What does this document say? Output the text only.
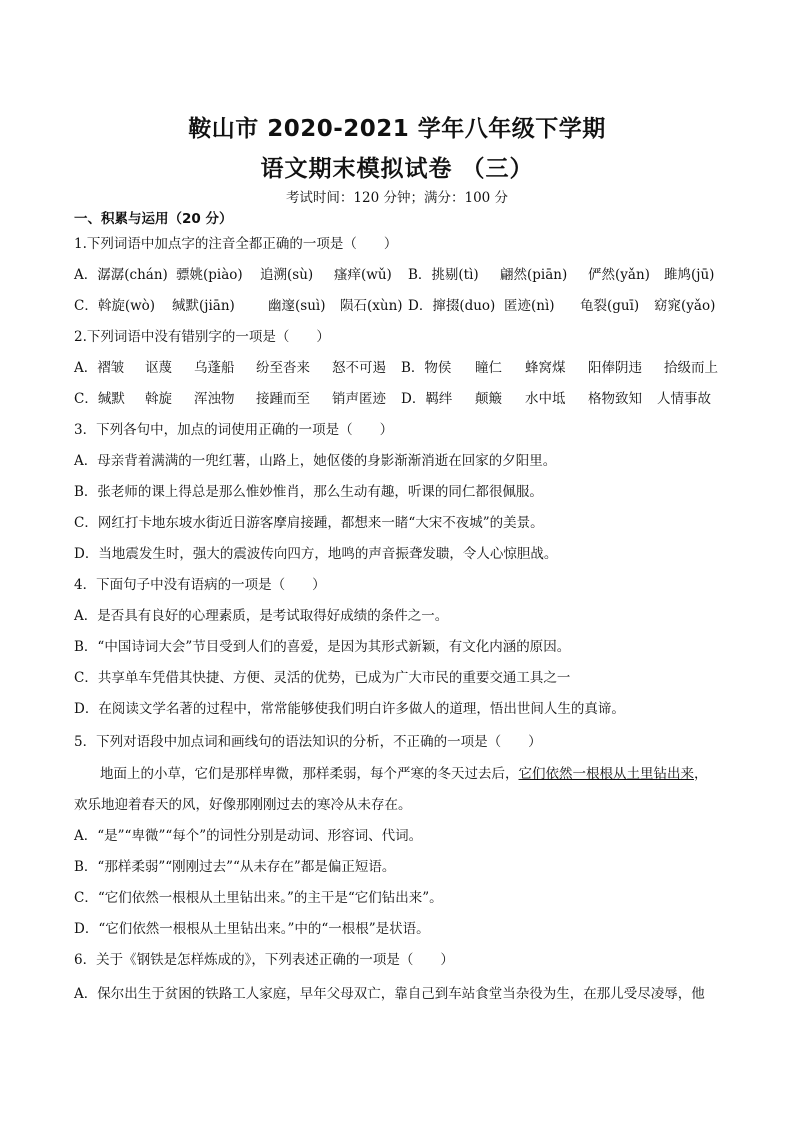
鞍山市 2020-2021 学年八年级下学期
语文期末模拟试卷 （三）
考试时间：120 分钟；满分：100 分
一、积累与运用（20 分）
1.下列词语中加点字的注音全都正确的一项是（　　）
A．潺潺(chán) 骠姚(piào) 追溯(sù) 瘙痒(wǔ) B．挑剔(tì) 翩然(piān) 俨然(yǎn) 雎鸠(jū)
C．斡旋(wò) 缄默(jiān) 幽邃(suì) 陨石(xùn) D．撺掇(duo) 匿迹(nì) 龟裂(guī) 窈窕(yǎo)
2.下列词语中没有错别字的一项是（　　）
A．褶皱 讴蔑 乌蓬船 纷至沓来 怒不可遏 B．物侯 瞳仁 蜂窝煤 阳俸阴违 拾级而上
C．缄默 斡旋 浑浊物 接踵而至 销声匿迹 D．羁绊 颠簸 水中坻 格物致知 人情事故
3．下列各句中，加点的词使用正确的一项是（　　）
A．母亲背着满满的一兜红薯，山路上，她伛偻的身影渐渐消逝在回家的夕阳里。
B．张老师的课上得总是那么惟妙惟肖，那么生动有趣，听课的同仁都很佩服。
C．网红打卡地东坡水街近日游客摩肩接踵，都想来一睹“大宋不夜城”的美景。
D．当地震发生时，强大的震波传向四方，地鸣的声音振聋发聩，令人心惊胆战。
4．下面句子中没有语病的一项是（　　）
A．是否具有良好的心理素质，是考试取得好成绩的条件之一。
B．“中国诗词大会”节目受到人们的喜爱，是因为其形式新颖，有文化内涵的原因。
C．共享单车凭借其快捷、方便、灵活的优势，已成为广大市民的重要交通工具之一
D．在阅读文学名著的过程中，常常能够使我们明白许多做人的道理，悟出世间人生的真谛。
5．下列对语段中加点词和画线句的语法知识的分析，不正确的一项是（　　）
地面上的小草，它们是那样卑微，那样柔弱，每个严寒的冬天过去后，它们依然一根根从土里钻出来，
欢乐地迎着春天的风，好像那刚刚过去的寒冷从未存在。
A．“是”“卑微”“每个”的词性分别是动词、形容词、代词。
B．“那样柔弱”“刚刚过去”“从未存在”都是偏正短语。
C．“它们依然一根根从土里钻出来。”的主干是“它们钻出来”。
D．“它们依然一根根从土里钻出来。”中的“一根根”是状语。
6．关于《钢铁是怎样炼成的》，下列表述正确的一项是（　　）
A．保尔出生于贫困的铁路工人家庭，早年父母双亡，靠自己到车站食堂当杂役为生，在那儿受尽凌辱，他
